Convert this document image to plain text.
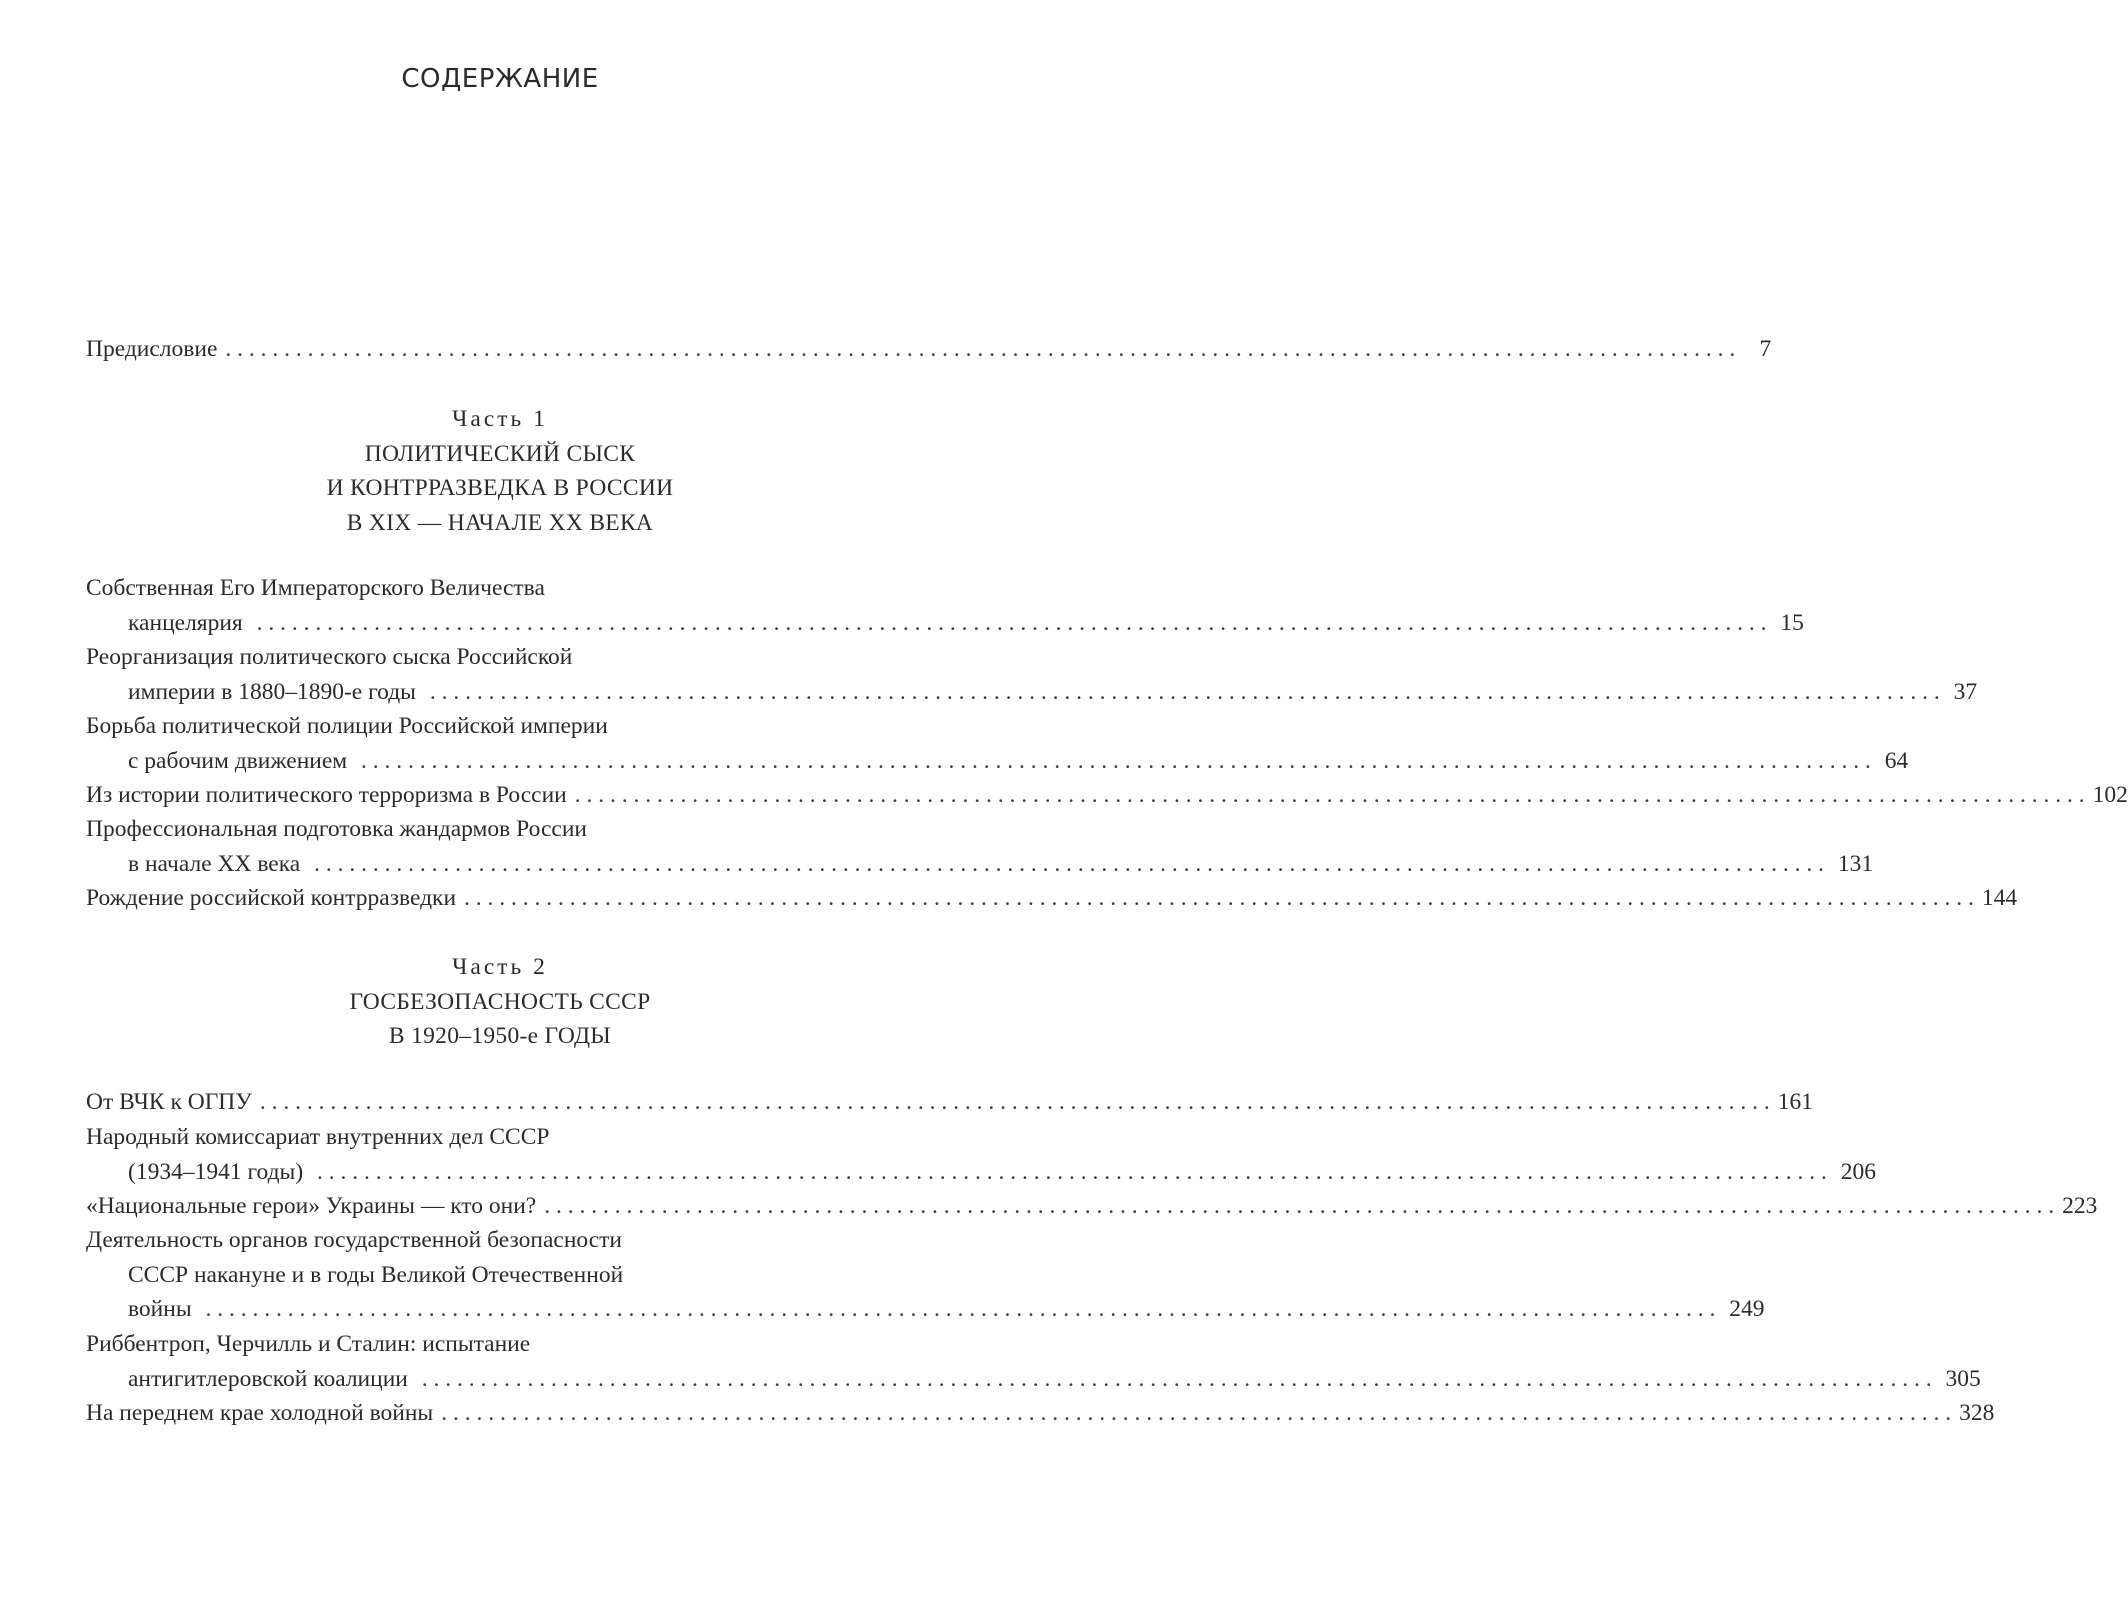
СОДЕРЖАНИЕ
Предисловие . . .	7
Часть 1
ПОЛИТИЧЕСКИЙ СЫСК
И КОНТРРАЗВЕДКА В РОССИИ
В XIX — НАЧАЛЕ XX ВЕКА
Собственная Его Императорского Величества
канцелярия . . .	15
Реорганизация политического сыска Российской
империи в 1880–1890-е годы . . .	37
Борьба политической полиции Российской империи
с рабочим движением . . .	64
Из истории политического терроризма в России . . .	102
Профессиональная подготовка жандармов России
в начале XX века . . .	131
Рождение российской контрразведки . . .	144
Часть 2
ГОСБЕЗОПАСНОСТЬ СССР
В 1920–1950-е ГОДЫ
От ВЧК к ОГПУ . . .	161
Народный комиссариат внутренних дел СССР
(1934–1941 годы) . . .	206
«Национальные герои» Украины — кто они? . . .	223
Деятельность органов государственной безопасности
СССР накануне и в годы Великой Отечественной
войны . . .	249
Риббентроп, Черчилль и Сталин: испытание
антигитлеровской коалиции . . .	305
На переднем крае холодной войны . . .	328
